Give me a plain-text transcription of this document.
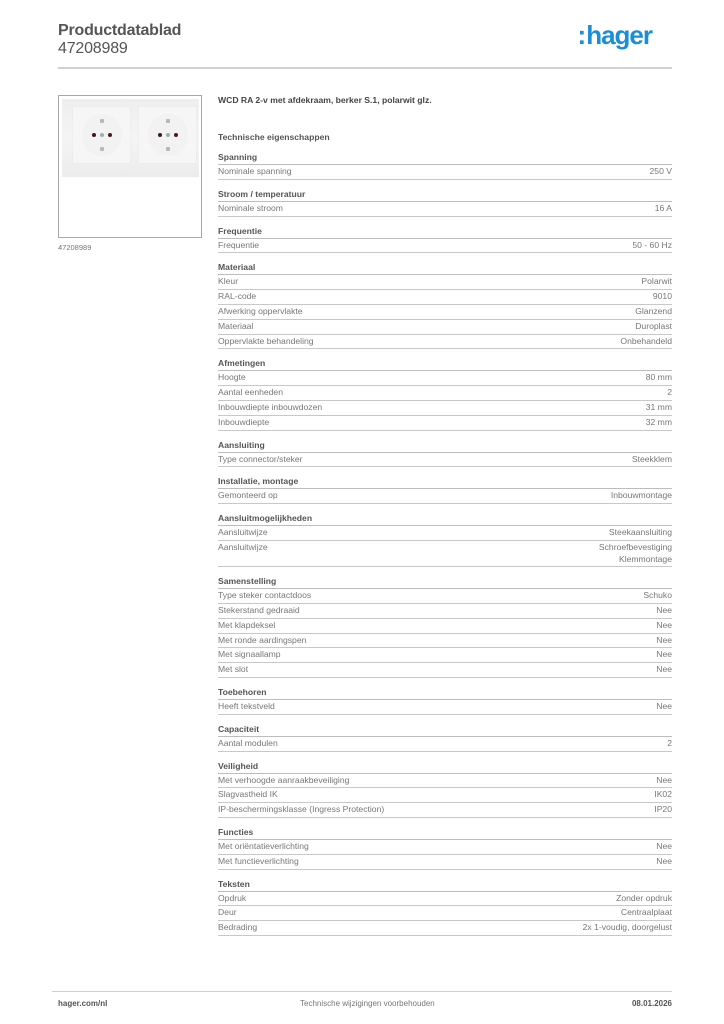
Productdatablad
47208989	:hager
47208989
WCD RA 2-v met afdekraam, berker S.1, polarwit glz.
Technische eigenschappen
Spanning
Nominale spanning	250 V
Stroom / temperatuur
Nominale stroom	16 A
Frequentie
Frequentie	50 - 60 Hz
Materiaal
Kleur	Polarwit
RAL-code	9010
Afwerking oppervlakte	Glanzend
Materiaal	Duroplast
Oppervlakte behandeling	Onbehandeld
Afmetingen
Hoogte	80 mm
Aantal eenheden	2
Inbouwdiepte inbouwdozen	31 mm
Inbouwdiepte	32 mm
Aansluiting
Type connector/steker	Steekklem
Installatie, montage
Gemonteerd op	Inbouwmontage
Aansluitmogelijkheden
Aansluitwijze	Steekaansluiting
Aansluitwijze	Schroefbevestiging
Klemmontage
Samenstelling
Type steker contactdoos	Schuko
Stekerstand gedraaid	Nee
Met klapdeksel	Nee
Met ronde aardingspen	Nee
Met signaallamp	Nee
Met slot	Nee
Toebehoren
Heeft tekstveld	Nee
Capaciteit
Aantal modulen	2
Veiligheid
Met verhoogde aanraakbeveiliging	Nee
Slagvastheid IK	IK02
IP-beschermingsklasse (Ingress Protection)	IP20
Functies
Met oriëntatieverlichting	Nee
Met functieverlichting	Nee
Teksten
Opdruk	Zonder opdruk
Deur	Centraalplaat
Bedrading	2x 1-voudig, doorgelust
hager.com/nl	Technische wijzigingen voorbehouden	08.01.2026
